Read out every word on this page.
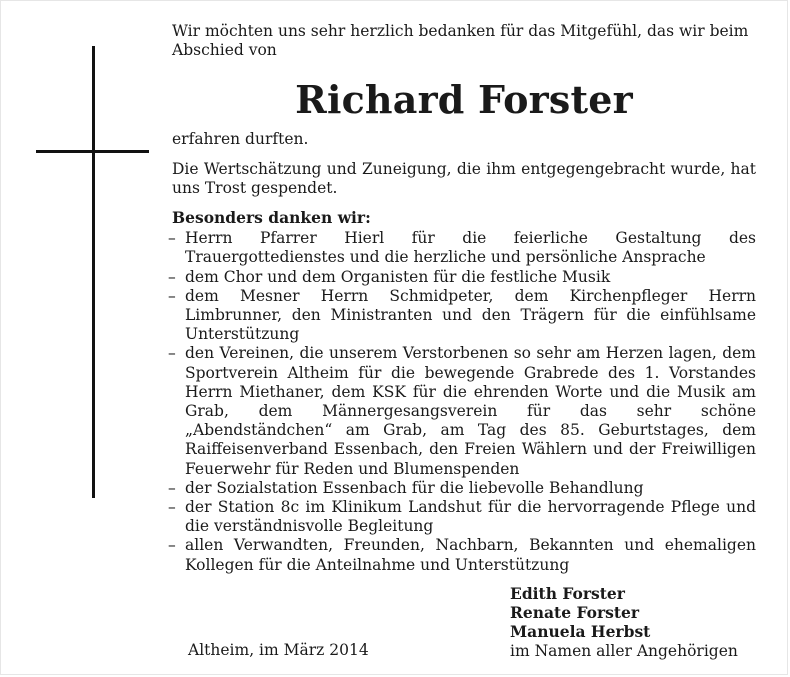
Wir möchten uns sehr herzlich bedanken für das Mitgefühl, das wir beim Abschied von

Richard Forster

erfahren durften.

Die Wertschätzung und Zuneigung, die ihm entgegengebracht wurde, hat uns Trost gespendet.

Besonders danken wir:

– Herrn Pfarrer Hierl für die feierliche Gestaltung des Trauergottedienstes und die herzliche und persönliche Ansprache
– dem Chor und dem Organisten für die festliche Musik
– dem Mesner Herrn Schmidpeter, dem Kirchenpfleger Herrn Limbrunner, den Ministranten und den Trägern für die einfühlsame Unterstützung
– den Vereinen, die unserem Verstorbenen so sehr am Herzen lagen, dem Sportverein Altheim für die bewegende Grabrede des 1. Vorstandes Herrn Miethaner, dem KSK für die ehrenden Worte und die Musik am Grab, dem Männergesangsverein für das sehr schöne „Abendständchen“ am Grab, am Tag des 85. Geburtstages, dem Raiffeisenverband Essenbach, den Freien Wählern und der Freiwilligen Feuerwehr für Reden und Blumenspenden
– der Sozialstation Essenbach für die liebevolle Behandlung
– der Station 8c im Klinikum Landshut für die hervorragende Pflege und die verständnisvolle Begleitung
– allen Verwandten, Freunden, Nachbarn, Bekannten und ehemaligen Kollegen für die Anteilnahme und Unterstützung
Altheim, im März 2014
Edith Forster
Renate Forster
Manuela Herbst
im Namen aller Angehörigen
